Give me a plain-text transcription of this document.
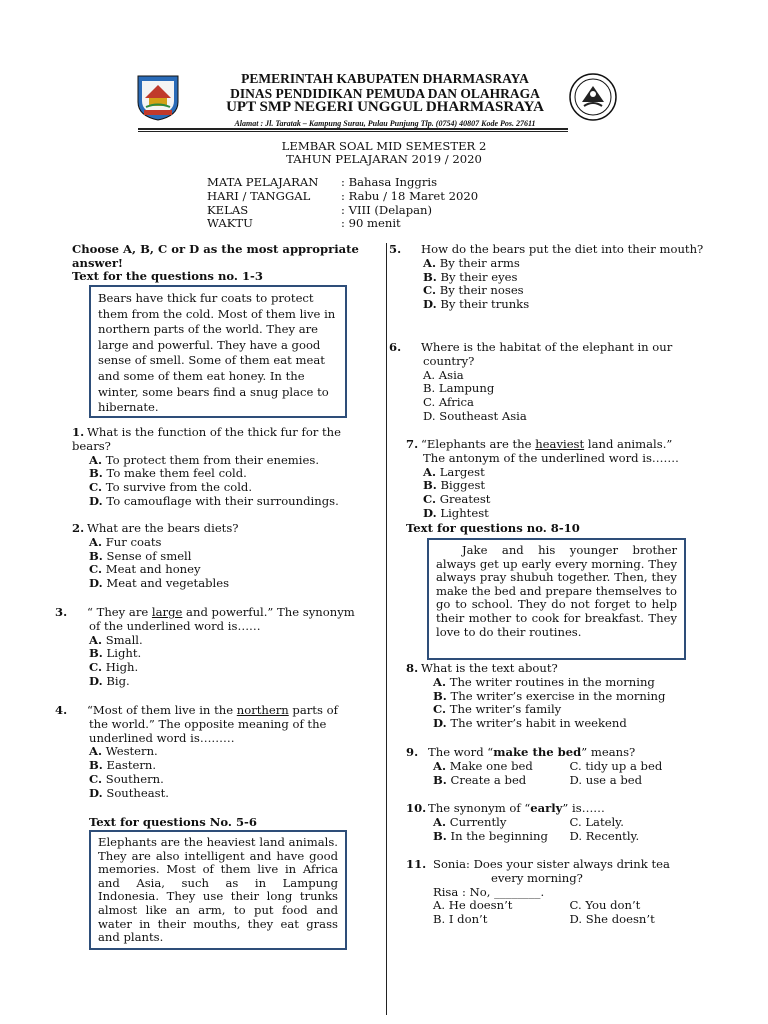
PEMERINTAH KABUPATEN DHARMASRAYA
DINAS PENDIDIKAN PEMUDA DAN OLAHRAGA
UPT SMP NEGERI UNGGUL DHARMASRAYA
Alamat : Jl. Taratak – Kampung Surau, Pulau Punjung Tlp. (0754) 40807 Kode Pos. 27611
LEMBAR SOAL MID SEMESTER 2
TAHUN PELAJARAN 2019 / 2020
MATA PELAJARAN : Bahasa Inggris
HARI / TANGGAL	: Rabu / 18 Maret 2020
KELAS	: VIII (Delapan)
WAKTU	: 90 menit
Choose A, B, C or D as the most appropriate answer!
Text for the questions no. 1-3
Bears have thick fur coats to protect them from the cold. Most of them live in northern parts of the world. They are large and powerful. They have a good sense of smell. Some of them eat meat and some of them eat honey. In the winter, some bears find a snug place to hibernate.
1. What is the function of the thick fur for the bears?
A. To protect them from their enemies.
B. To make them feel cold.
C. To survive from the cold.
D. To camouflage with their surroundings.
2. What are the bears diets?
A. Fur coats
B. Sense of smell
C. Meat and honey
D. Meat and vegetables
3. “ They are large and powerful.” The synonym of the underlined word is……
A. Small.
B. Light.
C. High.
D. Big.
4. “Most of them live in the northern parts of the world.” The opposite meaning of the underlined word is………
A. Western.
B. Eastern.
C. Southern.
D. Southeast.
Text for questions No. 5-6
Elephants are the heaviest land animals. They are also intelligent and have good memories. Most of them live in Africa and Asia, such as in Lampung Indonesia. They use their long trunks almost like an arm, to put food and water in their mouths, they eat grass and plants.
5. How do the bears put the diet into their mouth?
A. By their arms
B. By their eyes
C. By their noses
D. By their trunks
6. Where is the habitat of the elephant in our country?
A. Asia
B. Lampung
C. Africa
D. Southeast Asia
7. “Elephants are the heaviest land animals.”
The antonym of the underlined word is…….
A. Largest
B. Biggest
C. Greatest
D. Lightest
Text for questions no. 8-10
Jake and his younger brother always get up early every morning. They always pray shubuh together. Then, they make the bed and prepare themselves to go to school. They do not forget to help their mother to cook for breakfast. They love to do their routines.
8. What is the text about?
A. The writer routines in the morning
B. The writer’s exercise in the morning
C. The writer’s family
D. The writer’s habit in weekend
9. The word “make the bed” means?
A. Make one bed	C. tidy up a bed
B. Create a bed	D. use a bed
10. The synonym of “early” is……
A. Currently	C. Lately.
B. In the beginning	D. Recently.
11. Sonia: Does your sister always drink tea
every morning?
Risa : No, ________.
A. He doesn’t	C. You don’t
B. I don’t	D. She doesn’t
